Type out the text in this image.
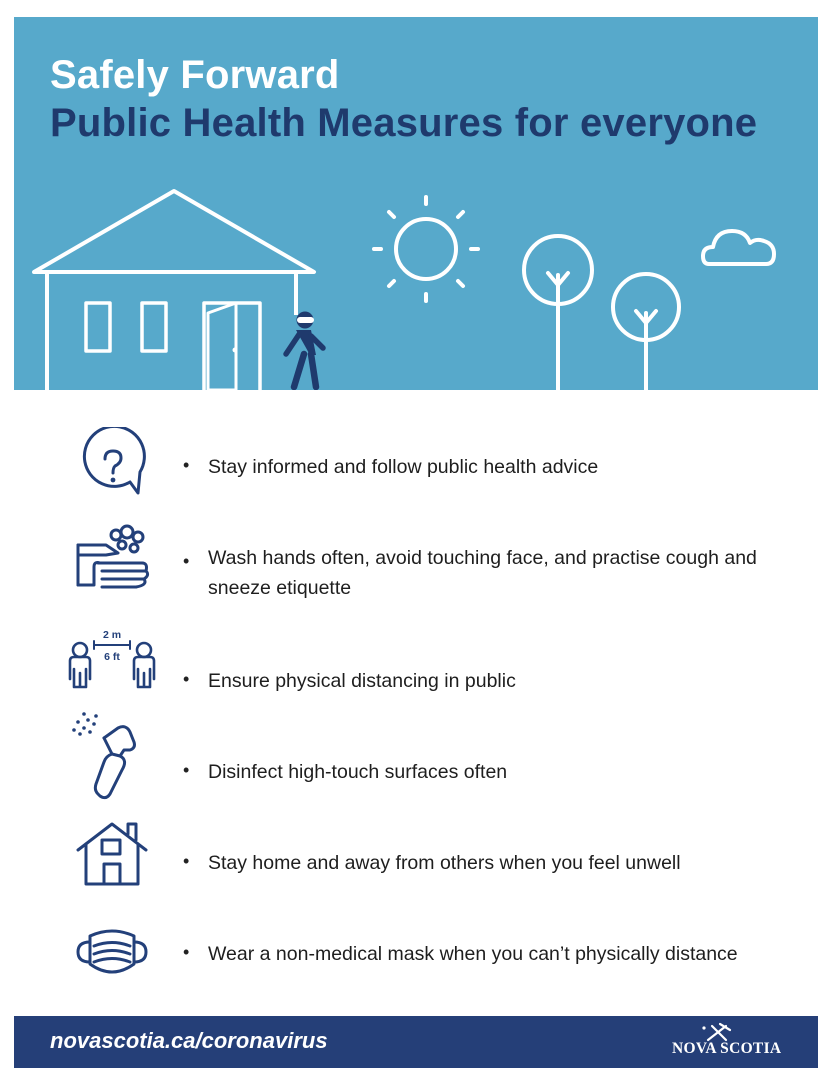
Safely Forward
Public Health Measures for everyone
• Stay informed and follow public health advice
• Wash hands often, avoid touching face, and practise cough and sneeze etiquette
2 m
6 ft
• Ensure physical distancing in public
• Disinfect high-touch surfaces often
• Stay home and away from others when you feel unwell
• Wear a non-medical mask when you can’t physically distance
novascotia.ca/coronavirus	NOVA SCOTIA
